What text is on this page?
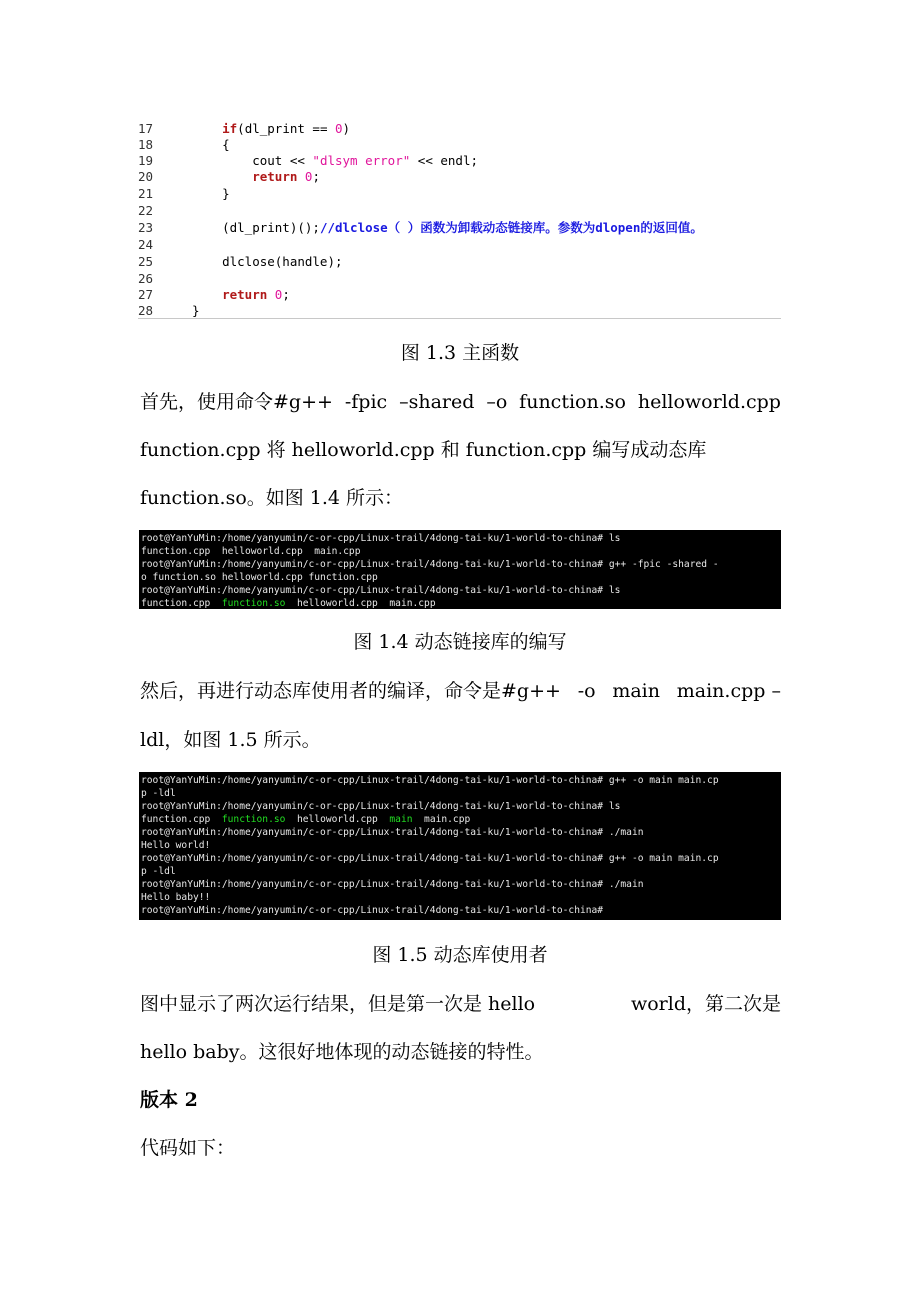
17	if(dl_print == 0)
18	{
19	cout << "dlsym error" << endl;
20	return 0;
21	}
22
23	(dl_print)();//dlclose（ ）函数为卸载动态链接库。参数为dlopen的返回值。
24
25	dlclose(handle);
26
27	return 0;
28	}
图 1.3 主函数
首先，使用命令#g++ -fpic –shared –o function.so helloworld.cpp
function.cpp 将 helloworld.cpp 和 function.cpp 编写成动态库
function.so。如图 1.4 所示：
root@YanYuMin:/home/yanyumin/c-or-cpp/Linux-trail/4dong-tai-ku/1-world-to-china# ls
function.cpp  helloworld.cpp  main.cpp
root@YanYuMin:/home/yanyumin/c-or-cpp/Linux-trail/4dong-tai-ku/1-world-to-china# g++ -fpic -shared -
o function.so helloworld.cpp function.cpp
root@YanYuMin:/home/yanyumin/c-or-cpp/Linux-trail/4dong-tai-ku/1-world-to-china# ls
function.cpp  function.so  helloworld.cpp  main.cpp
图 1.4 动态链接库的编写
然后，再进行动态库使用者的编译，命令是#g++ -o main main.cpp –
ldl，如图 1.5 所示。
root@YanYuMin:/home/yanyumin/c-or-cpp/Linux-trail/4dong-tai-ku/1-world-to-china# g++ -o main main.cp
p -ldl
root@YanYuMin:/home/yanyumin/c-or-cpp/Linux-trail/4dong-tai-ku/1-world-to-china# ls
function.cpp  function.so  helloworld.cpp  main  main.cpp
root@YanYuMin:/home/yanyumin/c-or-cpp/Linux-trail/4dong-tai-ku/1-world-to-china# ./main
Hello world!
root@YanYuMin:/home/yanyumin/c-or-cpp/Linux-trail/4dong-tai-ku/1-world-to-china# g++ -o main main.cp
p -ldl
root@YanYuMin:/home/yanyumin/c-or-cpp/Linux-trail/4dong-tai-ku/1-world-to-china# ./main
Hello baby!!
root@YanYuMin:/home/yanyumin/c-or-cpp/Linux-trail/4dong-tai-ku/1-world-to-china#
图 1.5 动态库使用者
图中显示了两次运行结果，但是第一次是 hello	world，第二次是
hello baby。这很好地体现的动态链接的特性。
版本 2
代码如下：
